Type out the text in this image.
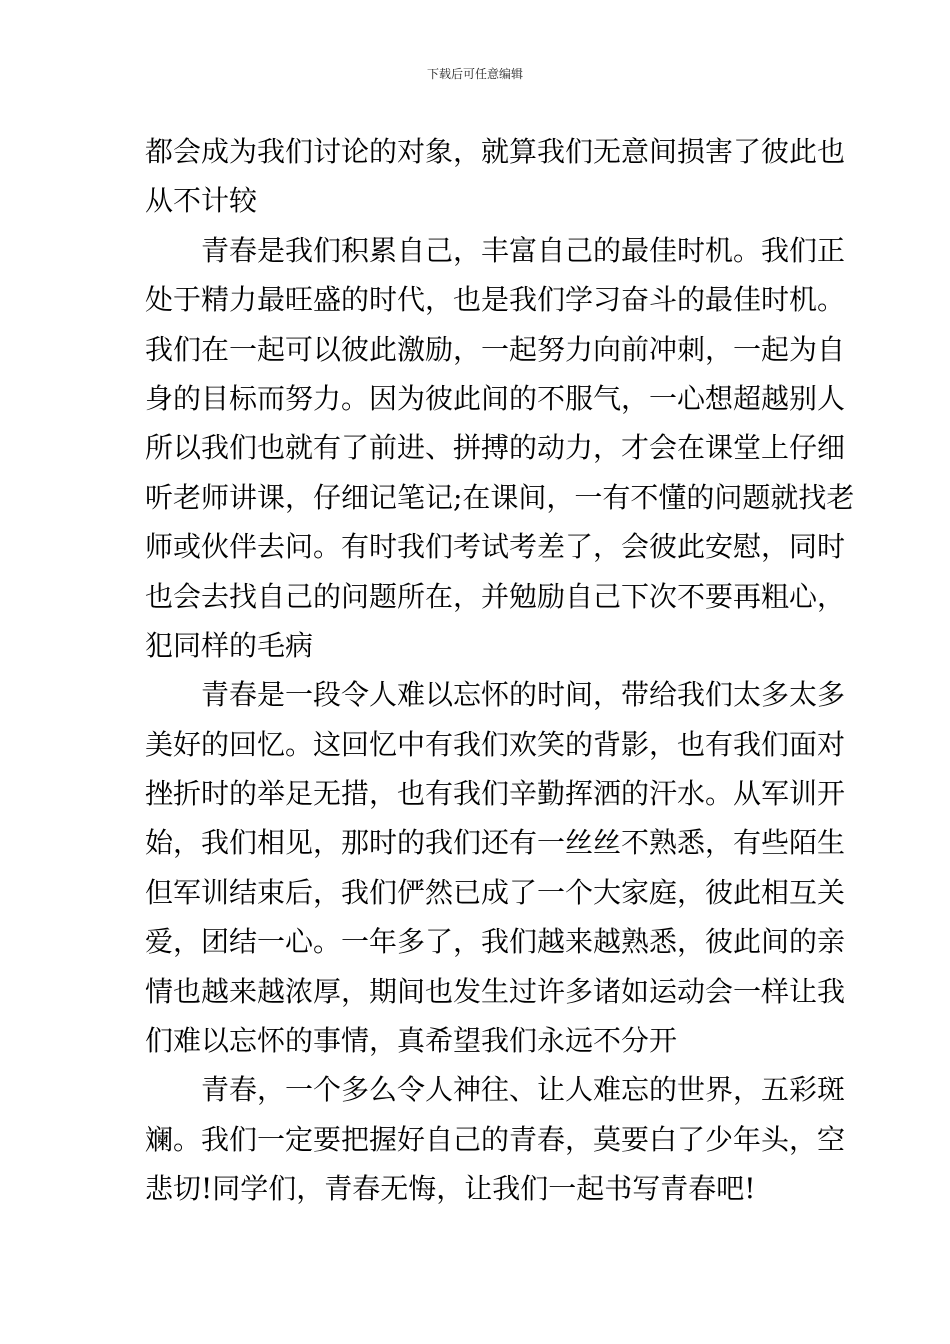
下载后可任意编辑
都会成为我们讨论的对象，就算我们无意间损害了彼此也
从不计较
青春是我们积累自己，丰富自己的最佳时机。我们正
处于精力最旺盛的时代，也是我们学习奋斗的最佳时机。
我们在一起可以彼此激励，一起努力向前冲刺，一起为自
身的目标而努力。因为彼此间的不服气，一心想超越别人
所以我们也就有了前进、拼搏的动力，才会在课堂上仔细
听老师讲课，仔细记笔记;在课间，一有不懂的问题就找老
师或伙伴去问。有时我们考试考差了，会彼此安慰，同时
也会去找自己的问题所在，并勉励自己下次不要再粗心，
犯同样的毛病
青春是一段令人难以忘怀的时间，带给我们太多太多
美好的回忆。这回忆中有我们欢笑的背影，也有我们面对
挫折时的举足无措，也有我们辛勤挥洒的汗水。从军训开
始，我们相见，那时的我们还有一丝丝不熟悉，有些陌生
但军训结束后，我们俨然已成了一个大家庭，彼此相互关
爱，团结一心。一年多了，我们越来越熟悉，彼此间的亲
情也越来越浓厚，期间也发生过许多诸如运动会一样让我
们难以忘怀的事情，真希望我们永远不分开
青春，一个多么令人神往、让人难忘的世界，五彩斑
斓。我们一定要把握好自己的青春，莫要白了少年头，空
悲切!同学们，青春无悔，让我们一起书写青春吧!
